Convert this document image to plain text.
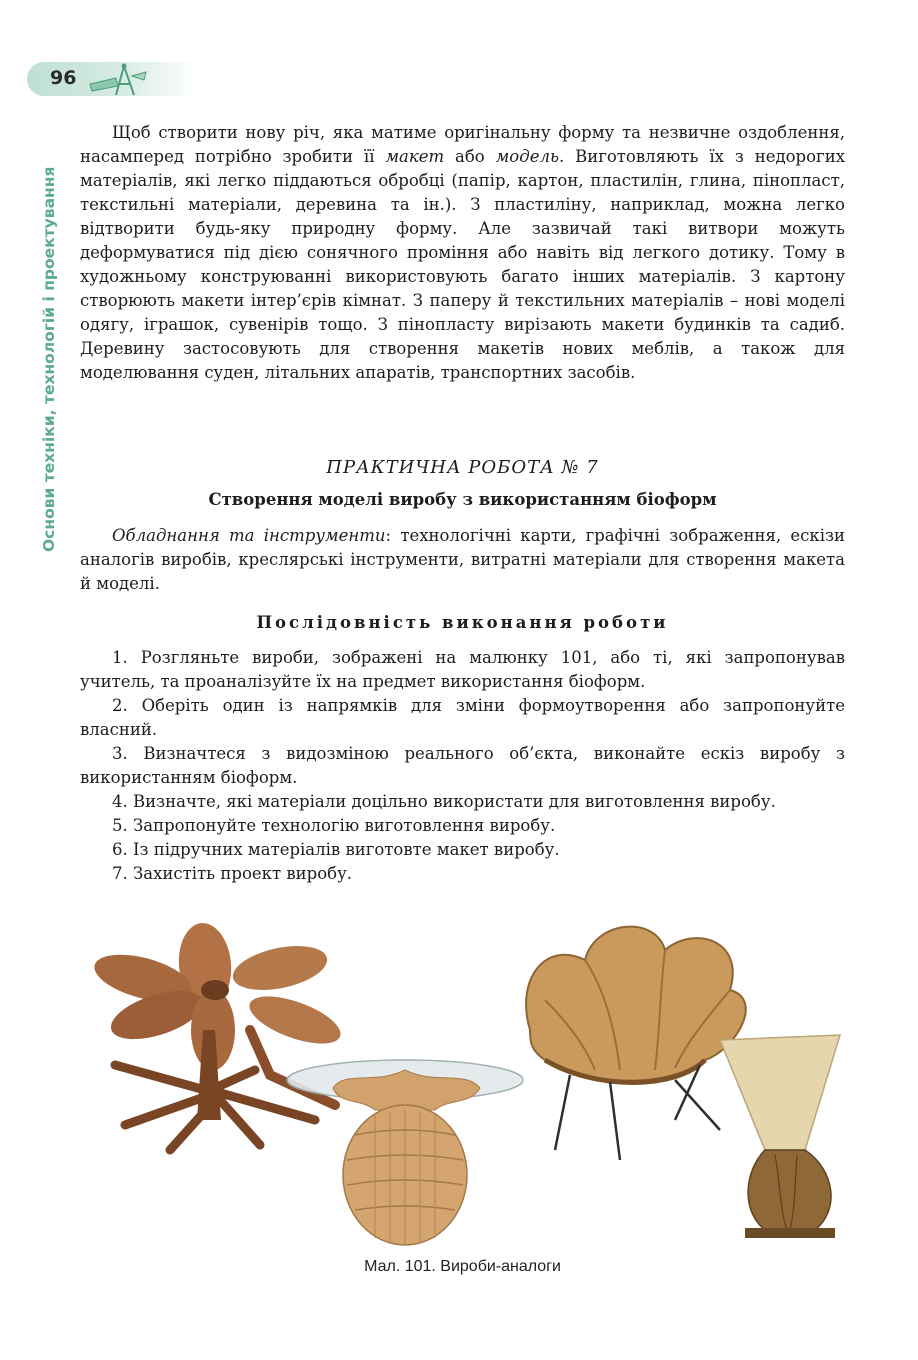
96
Основи техніки, технологій і проектування

Щоб створити нову річ, яка матиме оригінальну форму та незвичне оздоблення, насамперед потрібно зробити її макет або модель. Виготовляють їх з недорогих матеріалів, які легко піддаються обробці (папір, картон, пластилін, глина, пінопласт, текстильні матеріали, деревина та ін.). З пластиліну, наприклад, можна легко відтворити будь-яку природну форму. Але зазвичай такі витвори можуть деформуватися під дією сонячного проміння або навіть від легкого дотику. Тому в художньому конструюванні використовують багато інших матеріалів. З картону створюють макети інтер’єрів кімнат. З паперу й текстильних матеріалів – нові моделі одягу, іграшок, сувенірів тощо. З пінопласту вирізають макети будинків та садиб. Деревину застосовують для створення макетів нових меблів, а також для моделювання суден, літальних апаратів, транспортних засобів.

ПРАКТИЧНА РОБОТА № 7

Створення моделі виробу з використанням біоформ

Обладнання та інструменти: технологічні карти, графічні зображення, ескізи аналогів виробів, креслярські інструменти, витратні матеріали для створення макета й моделі.

Послідовність виконання роботи

1. Розгляньте вироби, зображені на малюнку 101, або ті, які запропонував учитель, та проаналізуйте їх на предмет використання біоформ.
2. Оберіть один із напрямків для зміни формоутворення або запропонуйте власний.
3. Визначтеся з видозміною реального об’єкта, виконайте ескіз виробу з використанням біоформ.
4. Визначте, які матеріали доцільно використати для виготовлення виробу.
5. Запропонуйте технологію виготовлення виробу.
6. Із підручних матеріалів виготовте макет виробу.
7. Захистіть проект виробу.
Мал. 101. Вироби-аналоги
